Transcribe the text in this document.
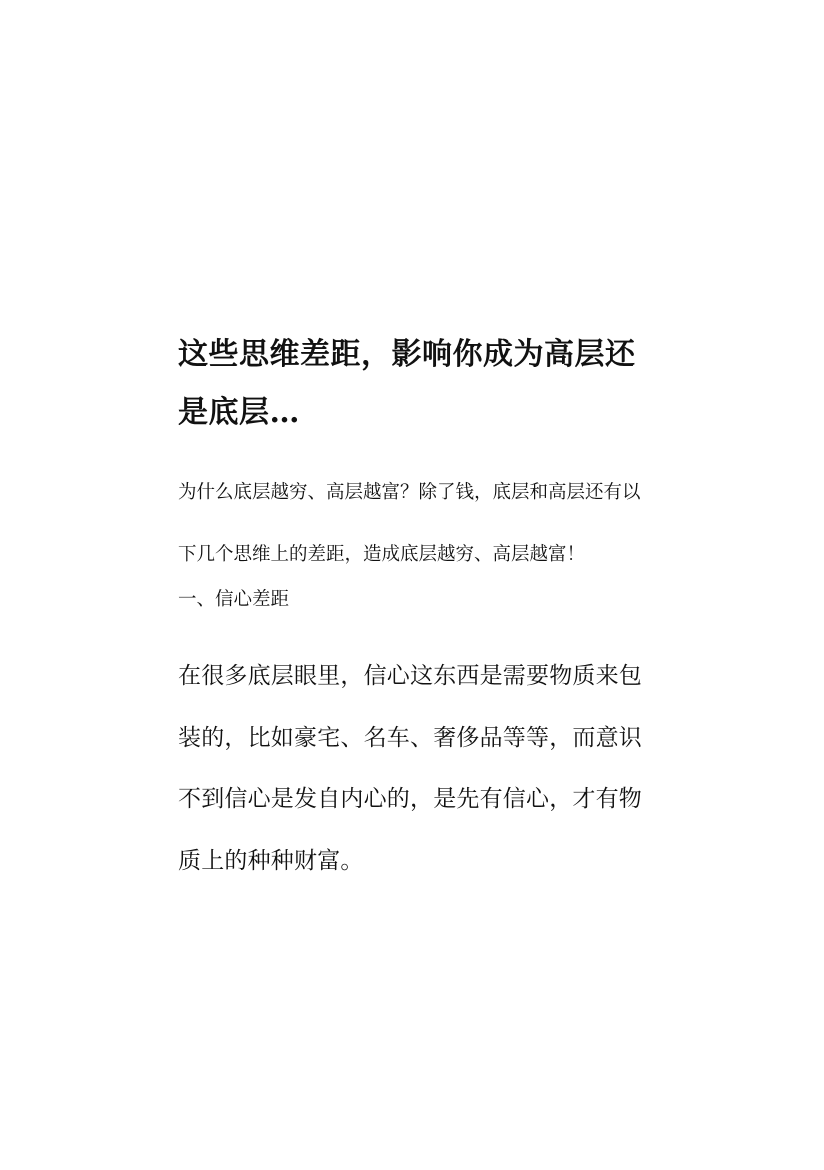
这些思维差距，影响你成为高层还是底层…

为什么底层越穷、高层越富？除了钱，底层和高层还有以下几个思维上的差距，造成底层越穷、高层越富！

一、信心差距

在很多底层眼里，信心这东西是需要物质来包装的，比如豪宅、名车、奢侈品等等，而意识不到信心是发自内心的，是先有信心，才有物质上的种种财富。
